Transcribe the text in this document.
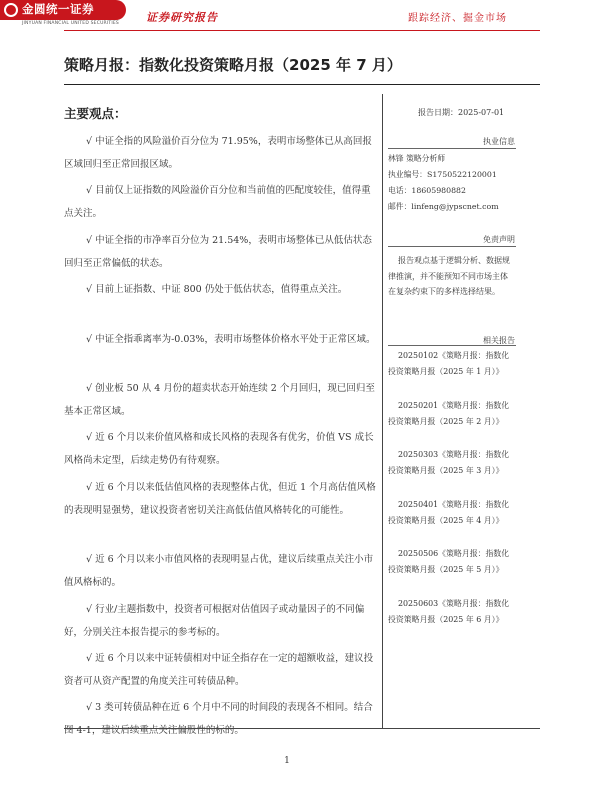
金圆统一证券
JINYUAN FINANCIAL UNITED SECURITIES 证券研究报告	跟踪经济、掘金市场
策略月报：指数化投资策略月报（2025 年 7 月）
主要观点：

√ 中证全指的风险溢价百分位为 71.95%，表明市场整体已从高回报区域回归至正常回报区域。

√ 目前仅上证指数的风险溢价百分位和当前值的匹配度较佳，值得重点关注。

√ 中证全指的市净率百分位为 21.54%，表明市场整体已从低估状态回归至正常偏低的状态。

√ 目前上证指数、中证 800 仍处于低估状态，值得重点关注。

√ 中证全指乖离率为-0.03%，表明市场整体价格水平处于正常区域。

√ 创业板 50 从 4 月份的超卖状态开始连续 2 个月回归，现已回归至基本正常区域。

√ 近 6 个月以来价值风格和成长风格的表现各有优劣，价值 VS 成长风格尚未定型，后续走势仍有待观察。

√ 近 6 个月以来低估值风格的表现整体占优，但近 1 个月高估值风格的表现明显强势，建议投资者密切关注高低估值风格转化的可能性。

√ 近 6 个月以来小市值风格的表现明显占优，建议后续重点关注小市值风格标的。

√ 行业/主题指数中，投资者可根据对估值因子或动量因子的不同偏好，分别关注本报告提示的参考标的。

√ 近 6 个月以来中证转债相对中证全指存在一定的超额收益，建议投资者可从资产配置的角度关注可转债品种。

√ 3 类可转债品种在近 6 个月中不同的时间段的表现各不相同。结合图 4-1，建议后续重点关注偏股性的标的。

报告日期：2025-07-01
执业信息
林锋 策略分析师
执业编号：S1750522120001
电话：18605980882
邮件：linfeng@jypscnet.com
免责声明
报告观点基于逻辑分析、数据规律推演，并不能预知不同市场主体在复杂约束下的多样选择结果。
相关报告
20250102《策略月报：指数化投资策略月报（2025 年 1 月）》
20250201《策略月报：指数化投资策略月报（2025 年 2 月）》
20250303《策略月报：指数化投资策略月报（2025 年 3 月）》
20250401《策略月报：指数化投资策略月报（2025 年 4 月）》
20250506《策略月报：指数化投资策略月报（2025 年 5 月）》
20250603《策略月报：指数化投资策略月报（2025 年 6 月）》
1
